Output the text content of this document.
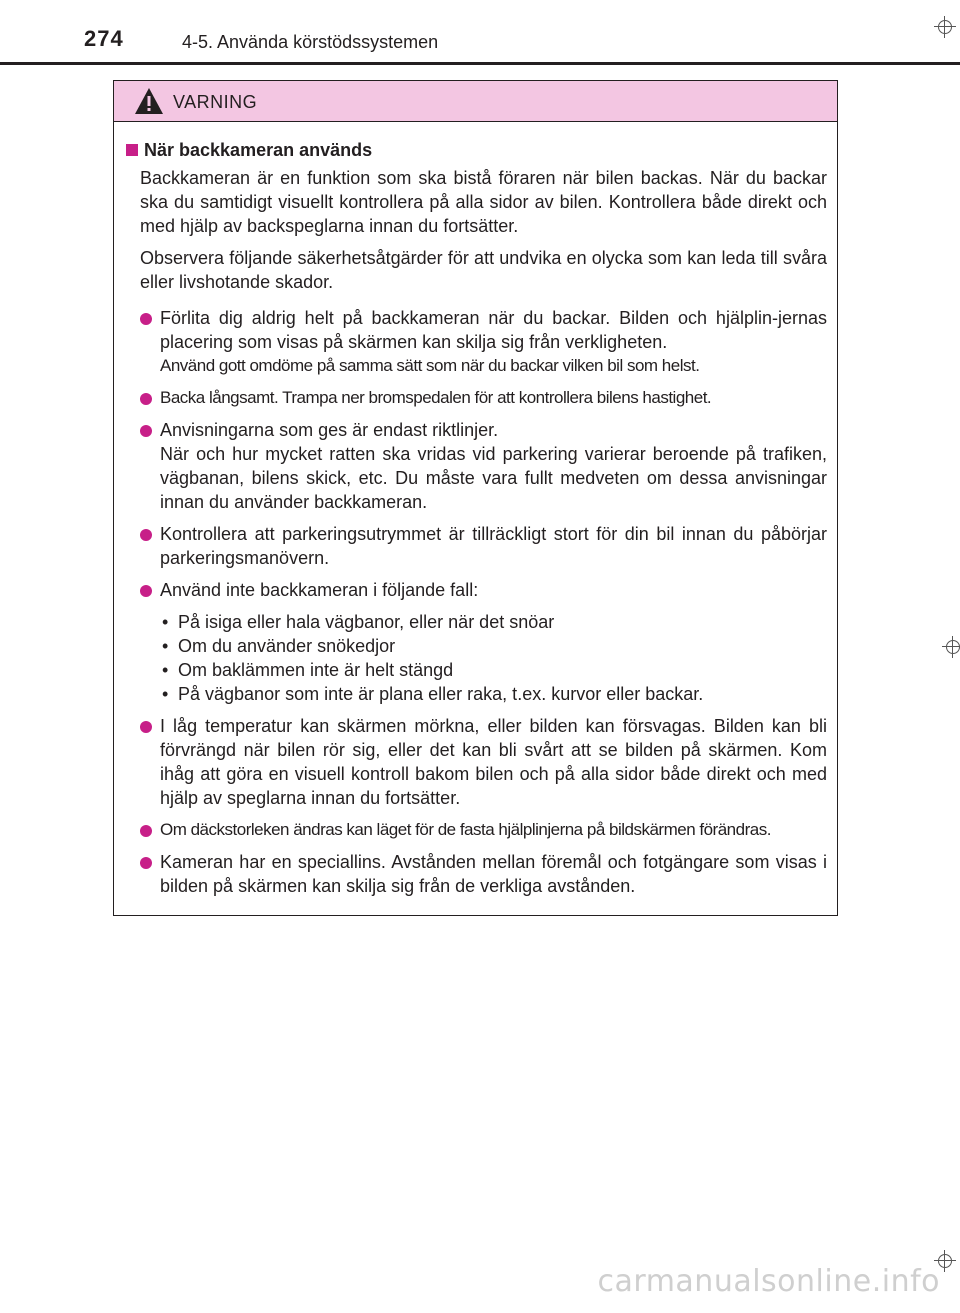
274	4-5. Använda körstödssystemen
VARNING
När backkameran används

Backkameran är en funktion som ska bistå föraren när bilen backas. När du backar ska du samtidigt visuellt kontrollera på alla sidor av bilen. Kontrollera både direkt och med hjälp av backspeglarna innan du fortsätter.

Observera följande säkerhetsåtgärder för att undvika en olycka som kan leda till svåra eller livshotande skador.

Förlita dig aldrig helt på backkameran när du backar. Bilden och hjälplin-jernas placering som visas på skärmen kan skilja sig från verkligheten.
Använd gott omdöme på samma sätt som när du backar vilken bil som helst.
Backa långsamt. Trampa ner bromspedalen för att kontrollera bilens hastighet.
Anvisningarna som ges är endast riktlinjer.
När och hur mycket ratten ska vridas vid parkering varierar beroende på trafiken, vägbanan, bilens skick, etc. Du måste vara fullt medveten om dessa anvisningar innan du använder backkameran.
Kontrollera att parkeringsutrymmet är tillräckligt stort för din bil innan du påbörjar parkeringsmanövern.
Använd inte backkameran i följande fall:
• På isiga eller hala vägbanor, eller när det snöar
• Om du använder snökedjor
• Om baklämmen inte är helt stängd
• På vägbanor som inte är plana eller raka, t.ex. kurvor eller backar.
I låg temperatur kan skärmen mörkna, eller bilden kan försvagas. Bilden kan bli förvrängd när bilen rör sig, eller det kan bli svårt att se bilden på skärmen. Kom ihåg att göra en visuell kontroll bakom bilen och på alla sidor både direkt och med hjälp av speglarna innan du fortsätter.
Om däckstorleken ändras kan läget för de fasta hjälplinjerna på bildskärmen förändras.
Kameran har en speciallins. Avstånden mellan föremål och fotgängare som visas i bilden på skärmen kan skilja sig från de verkliga avstånden.
carmanualsonline.info
